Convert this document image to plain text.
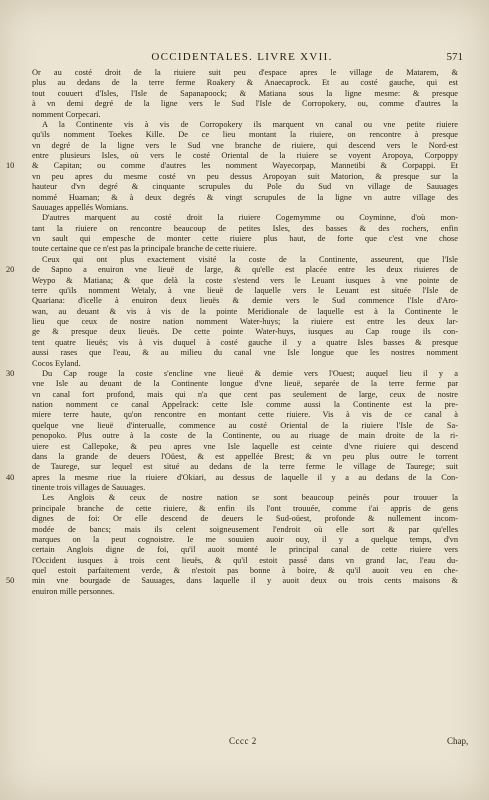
OCCIDENTALES. LIVRE XVII.	571
Or au costé droit de la riuiere suit peu d'espace apres le village de Matarem, &
plus au dedans de la terre ferme Roakery & Anaecaprock. Et au costé gauche, qui est
tout couuert d'Isles, l'Isle de Sapanapoock; & Matiana sous la ligne mesme: & presque
à vn demi degré de la ligne vers le Sud l'Isle de Corropokery, ou, comme d'autres la
nomment Corpecari.
A la Continente vis à vis de Corropokery ils marquent vn canal ou vne petite riuiere
qu'ils nomment Toekes Kille. De ce lieu montant la riuiere, on rencontre à presque
vn degré de la ligne vers le Sud vne branche de riuiere, qui descend vers le Nord-est
entre plusieurs Isles, où vers le costé Oriental de la riuiere se voyent Aropoya, Corpoppy
10 & Capitan; ou comme d'autres les nomment Wayecorpap, Mannetibi & Corpappi. Et
vn peu apres du mesme costé vn peu dessus Aropoyan suit Matorion, & presque sur la
hauteur d'vn degré & cinquante scrupules du Pole du Sud vn village de Sauuages
nommé Huaman; & à deux degrés & vingt scrupules de la ligne vn autre village des
Sauuages appellés Womians.
D'autres marquent au costé droit la riuiere Cogemymme ou Coyminne, d'où mon-
tant la riuiere on rencontre beaucoup de petites Isles, des basses & des rochers, enfin
vn sault qui empesche de monter cette riuiere plus haut, de forte que c'est vne chose
toute certaine que ce n'est pas la principale branche de cette riuiere.
Ceux qui ont plus exactement visité la coste de la Continente, asseurent, que l'Isle
20 de Sapno a enuiron vne lieuë de large, & qu'elle est placée entre les deux riuieres de
Weypo & Matiana; & que delà la coste s'estend vers le Leuant iusques à vne pointe de
terre qu'ils nomment Wetaly, à vne lieuë de laquelle vers le Leuant est située l'Isle de
Quariana: d'icelle à enuiron deux lieuës & demie vers le Sud commence l'Isle d'Aro-
wan, au deuant & vis à vis de la pointe Meridionale de laquelle est à la Continente le
lieu que ceux de nostre nation nomment Water-huys; la riuiere est entre les deux lar-
ge & presque deux lieuës. De cette pointe Water-huys, iusques au Cap rouge ils con-
tent quatre lieuës; vis à vis duquel à costé gauche il y a quatre Isles basses & presque
aussi rases que l'eau, & au milieu du canal vne Isle longue que les nostres nomment
Cocos Eyland.
30	Du Cap rouge la coste s'encline vne lieuë & demie vers l'Ouest; auquel lieu il y a
vne Isle au deuant de la Continente longue d'vne lieuë, separée de la terre ferme par
vn canal fort profond, mais qui n'a que cent pas seulement de large, ceux de nostre
nation nomment ce canal Appelrack: cette Isle comme aussi la Continente est la pre-
miere terre haute, qu'on rencontre en montant cette riuiere. Vis à vis de ce canal à
quelque vne lieuë d'interualle, commence au costé Oriental de la riuiere l'Isle de Sa-
penopoko. Plus outre à la coste de la Continente, ou au riuage de main droite de la ri-
uiere est Callepoke, & peu apres vne Isle laquelle est ceinte d'vne riuiere qui descend
dans la grande de deuers l'Oüest, & est appellée Brest; & vn peu plus outre le torrent
de Taurege, sur lequel est situé au dedans de la terre ferme le village de Taurege; suit
40 apres la mesme riue la riuiere d'Okiari, au dessus de laquelle il y a au dedans de la Con-
tinente trois villages de Sauuages.
Les Anglois & ceux de nostre nation se sont beaucoup peinés pour trouuer la
principale branche de cette riuiere, & enfin ils l'ont trouuée, comme i'ai appris de gens
dignes de foi: Or elle descend de deuers le Sud-oüest, profonde & nullement incom-
modée de bancs; mais ils celent soigneusement l'endroit où elle sort & par qu'elles
marques on la peut cognoistre. Ie me souuien auoir ouy, il y a quelque temps, d'vn
certain Anglois digne de foi, qu'il auoit monté le principal canal de cette riuiere vers
l'Occident iusques à trois cent lieuës, & qu'il estoit passé dans vn grand lac, l'eau du-
quel estoit parfaitement verde, & n'estoit pas bonne à boire, & qu'il auoit veu en che-
50 min vne bourgade de Sauuages, dans laquelle il y auoit deux ou trois cents maisons &
enuiron mille personnes.
Cccc 2	Chap,
